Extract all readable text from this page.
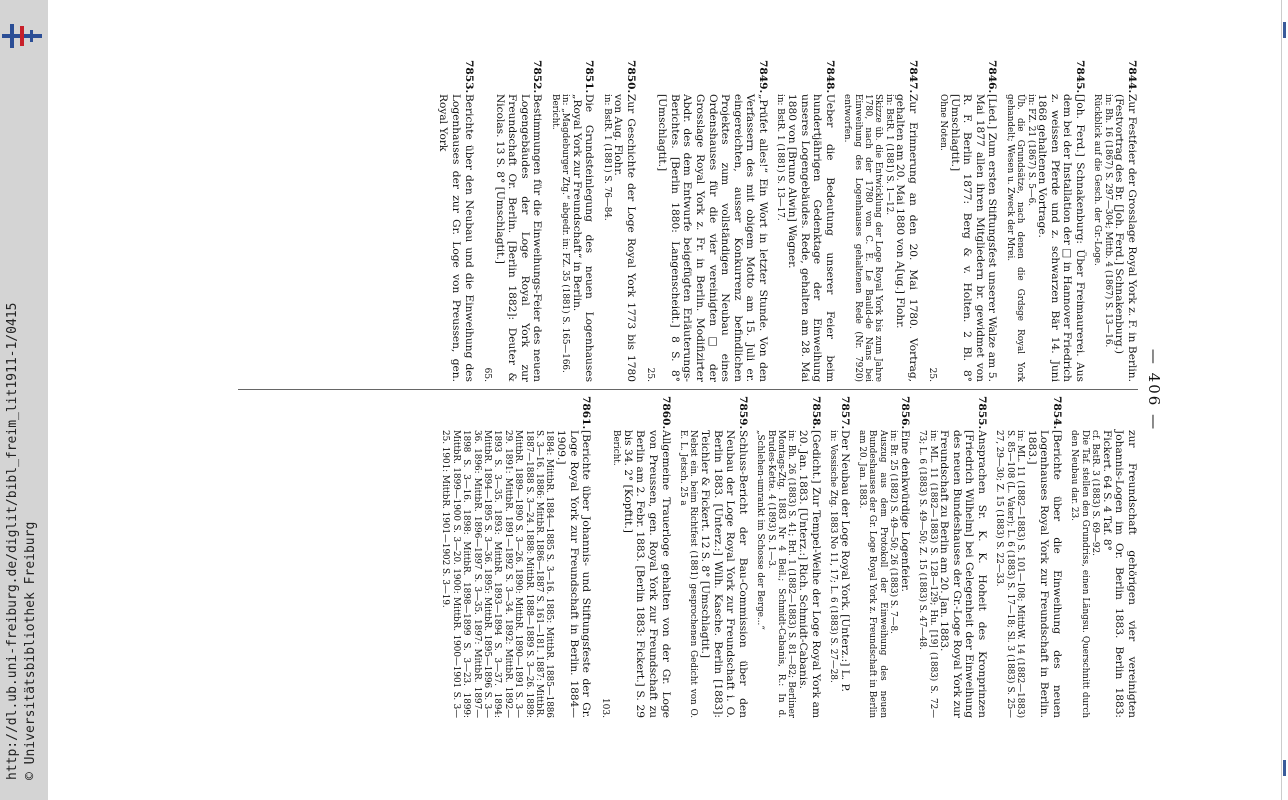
http://dl.ub.uni-freiburg.de/diglit/bibl_freim_lit1911-1/0415 © Universitätsbibliothek Freiburg
— 406 —
7844.
Zur Festfeier der Grosslage Royal York z. F. in Berlin. (Festvortrag des Br. [Joh. Ferd.] Schnakenburg.)
in: Bh. 16 (1867) S. 297—304; Mittb. 4 (1867) S. 13—16.
Rückblick auf die Gesch. der Gr.-Loge.
7845.
[Joh. Ferd.] Schnakenburg: Über Freimaurerei. Aus dem bei der Installation der □ in Hannover Friedrich z. weissen Pferde und z. schwarzen Bär 14. Juni 1868 gehaltenen Vortrage.
in: FZ. 21 (1867) S. 5—6.
Üb. die Grundsätze, nach denen die Grdsge Royal York gehandelt; Wesen u. Zweck der Mrei.
7846.
[Lied.] Zum ersten Stiftungsfest unserer Walze am 5. Mai 1877 allen ihren Mitgliedern br. gewidmet von R. F. Berlin 1877: Berg & v. Holten. 2 Bl. 8° [Umschlagtit.]
Ohne Noten.
25.
7847.
Zur Erinnerung an den 20. Mai 1780. Vortrag, gehalten am 20. Mai 1880 von A[ug.] Flohr.
in: BstR. 1 (1881) S. 1—12.
Skizze üb. die Entwicklung der Loge Royal York bis zum Jahre 1780, nach der 1780 von C. E. Le Bauld-de Nans bei Einweihung des Logenhauses gehaltenen Rede (Nr. 7920) entworfen.
7848.
Ueber die Bedeutung unserer Feier beim hundertjährigen Gedenktage der Einweihung unseres Logengebäudes. Rede, gehalten am 28. Mai 1880 von [Bruno Alwin] Wagner.
in: BstR. 1 (1881) S. 13—17.
7849.
„Prüfet alles!“ Ein Wort in letzter Stunde. Von den Verfassern des mit obigem Motto am 15. Juli er. eingereichten, ausser Konkurrenz befindlichen Projektes zum vollständigen Neubau eines Ordenshauses für die vier vereinigten □ der Grosslage Royal York z. Fr. in Berlin. Modifizirter Abdr. des dem Entwurfe beigefügten Erläuterungs-Berichtes. [Berlin 1880: Langenscheidt.] 8 S. 8° [Umschlagtit.]
25.
7850.
Zur Geschichte der Loge Royal York 1773 bis 1780 von Aug. Flohr.
in: BstR. 1 (1881) S. 76—84.
7851.
Die Grundsteinlegung des neuen Logenhauses „Royal York zur Freundschaft“ in Berlin.
in: „Magdeburger Ztg.“ abgedr. in: FZ. 35 (1881) S. 165—166.
Bericht.
7852.
Bestimmungen für die Einweihungs-Feier des neuen Logengebäudes der Loge Royal York zur Freundschaft Or. Berlin. [Berlin 1882]: Deuter & Nicolas. 13 S. 8° [Umschlagtit.]
65.
7853.
Berichte über den Neubau und die Einweihung des Logenhauses der zur Gr. Loge von Preussen, gen. Royal York
zur Freundschaft gehörigen vier vereinigten Johannis-Logen im Or. Berlin 1883. Berlin 1883: Fickert. 64 S. 4 Taf. 8°
cf. BstR. 3 (1883) S. 69—92.
Die Taf. stellen den Grundriss, einen Längsu. Querschnitt durch den Neubau dar. 23.
7854.
[Berichte über die Einweihung des neuen Logenhauses Royal York zur Freundschaft in Berlin. 1883.]
in: ML. 11 (1882—1883) S. 101—108; MittbW. 14 (1882—1883) S. 85—108 (L. Vater); L. 6 (1883) S. 17—18; Sl. 3 (1883) S. 25—27, 29—30; Z. 15 (1883) S. 22—33.
7855.
Ansprachen Sr. K. K. Hoheit des Kronprinzen [Friedrich Wilhelm] bei Gelegenheit der Einweihung des neuen Bundeshauses der Gr.-Loge Royal York zur Freundschaft zu Berlin am 20. Jan. 1883.
in: ML. 11 (1882—1883) S. 128—129; Hu. [19] (1883) S. 72—73; L. 6 (1883) S. 49—50; Z. 15 (1883) S. 47—48.
7856.
Eine denkwürdige Logenfeier.
in: Br. 25 (1882) S. 49—50; 26 (1883) S. 7—8.
Auszug aus dem Protokoll der Einweihung des neuen Bundeshauses der Gr. Loge Royal York z. Freundschaft in Berlin am 20. Jan. 1883.
7857.
Der Neubau der Loge Royal York. [Unterz.:] L. P.
in: Vossische Ztg. 1883 No 11, 17; L. 6 (1883) S. 27—28.
7858.
[Gedicht.] Zur Tempel-Weihe der Loge Royal York am 20. Jan. 1883. [Unterz.:] Rich. Schmidt-Cabanis.
in: Bh. 26 (1883) S. 41; Brl. 1 (1882—1883) S. 81—82; Berliner Montags-Ztg. 1883 Nr 4 Beil.; Schmidt-Cabanis, R.: In d. Brudes-Kette. 4 (1893) S. 1—3.
„Schlehen-umrankt im Schosse der Berge...“
7859.
Schluss-Bericht der Bau-Commission über den Neubau der Loge Royal York zur Freundschaft i. O. Berlin 1883. [Unterz.:] Wilh. Kasche. Berlin [1883]: Teichler & Fickert. 12 S. 8° [Umschlagtit.]
Nebst ein. beim Richtfest (1881) gesprochenen Gedicht von O. E. L. Jetsch. 25 a
7860.
Allgemeine Trauerloge gehalten von der Gr. Loge von Preussen, gen. Royal York zur Freundschaft zu Berlin am 2. Febr. 1883. [Berlin 1883: Fickert.] S. 29 bis 34. 2° [Kopftit.]
Bericht.
103.
7861.
[Berichte über Johannis- und Stiftungsfeste der Gr. Loge Royal York zur Freundschaft in Berlin. 1884—1909.]
1884: MittbR. 1884—1885 S. 3—16. 1885: MittbR. 1885—1886 S. 3—16. 1886: MittbR. 1886—1887 S. 161—181. 1887: MittbR. 1887—1888 S. 3—24. 1888: MittbR. 1888—1889 S. 3—26. 1889: MittbR. 1889—1890 S. 3—26. 1890: MittbR. 1890—1891 S. 3—29. 1891: MittbR. 1891—1892 S. 3—34. 1892: MittbR. 1892—1893 S. 3—35. 1893: MittbR. 1893—1894 S. 3—37. 1894: MittbR. 1894—1895 S. 3—36. 1895: MittbR. 1895—1896 S. 3—36. 1896: MittbR. 1896—1897 S. 3—35. 1897: MittbR. 1897—1898 S. 3—16. 1898: MittbR. 1898—1899 S. 3—23. 1899: MittbR. 1899—1900 S. 3—20. 1900: MittbR. 1900—1901 S. 3—25. 1901: MittbR. 1901—1902 S. 3—19.
